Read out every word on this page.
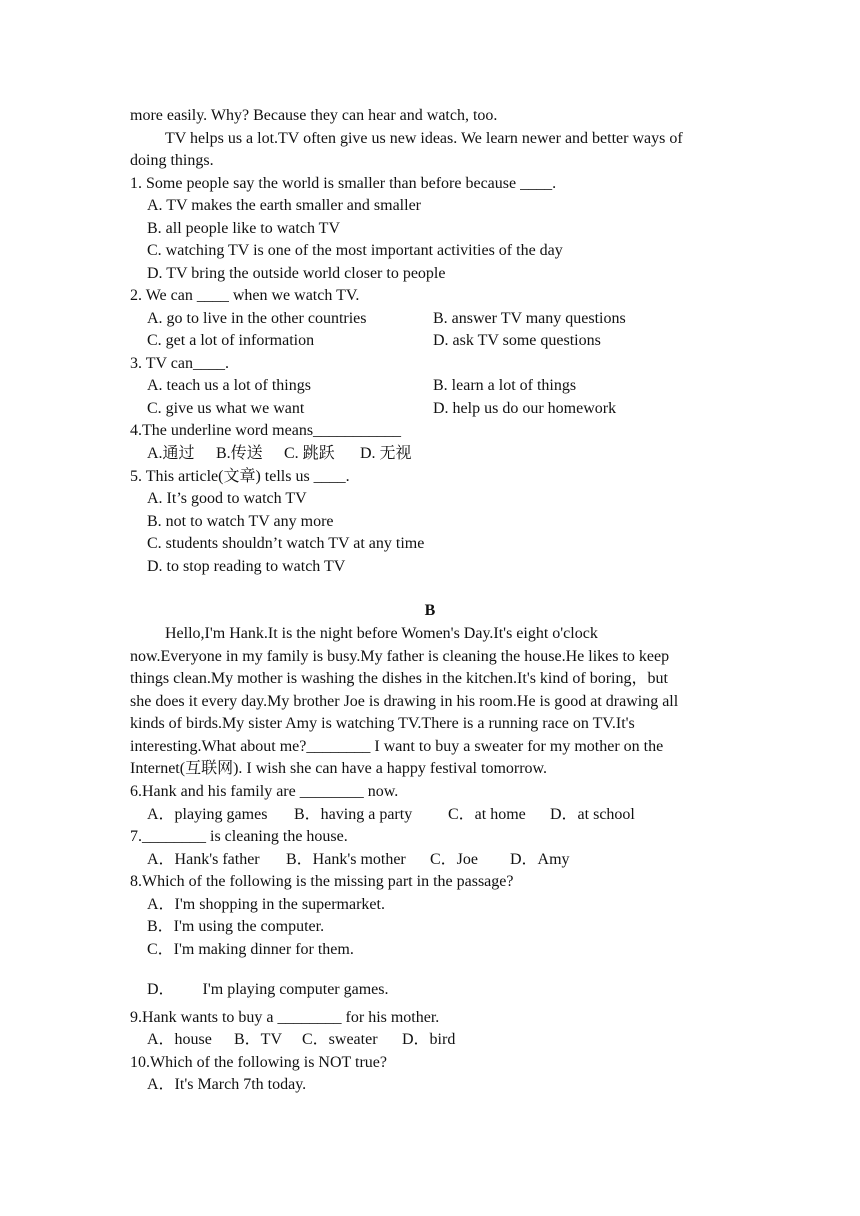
more easily. Why? Because they can hear and watch, too.
TV helps us a lot.TV often give us new ideas. We learn newer and better ways of
doing things.
1. Some people say the world is smaller than before because ____.
A. TV makes the earth smaller and smaller
B. all people like to watch TV
C. watching TV is one of the most important activities of the day
D. TV bring the outside world closer to people
2. We can ____ when we watch TV.
A. go to live in the other countries	B. answer TV many questions
C. get a lot of information	D. ask TV some questions
3. TV can____.
A. teach us a lot of things	B. learn a lot of things
C. give us what we want	D. help us do our homework
4.The underline word means___________
A.通过 B.传送 C. 跳跃 D. 无视
5. This article(文章) tells us ____.
A. It’s good to watch TV
B. not to watch TV any more
C. students shouldn’t watch TV at any time
D. to stop reading to watch TV
B
Hello,I'm Hank.It is the night before Women's Day.It's eight o'clock
now.Everyone in my family is busy.My father is cleaning the house.He likes to keep
things clean.My mother is washing the dishes in the kitchen.It's kind of boring，but
she does it every day.My brother Joe is drawing in his room.He is good at drawing all
kinds of birds.My sister Amy is watching TV.There is a running race on TV.It's
interesting.What about me?________ I want to buy a sweater for my mother on the
Internet(互联网). I wish she can have a happy festival tomorrow.
6.Hank and his family are ________ now.
A．playing games B．having a party C．at home D．at school
7.________ is cleaning the house.
A．Hank's father B．Hank's mother C．Joe D．Amy
8.Which of the following is the missing part in the passage?
A．I'm shopping in the supermarket.
B．I'm using the computer.
C．I'm making dinner for them.
D．       I'm playing computer games.
9.Hank wants to buy a ________ for his mother.
A．house B．TV C．sweater D．bird
10.Which of the following is NOT true?
A．It's March 7th today.
